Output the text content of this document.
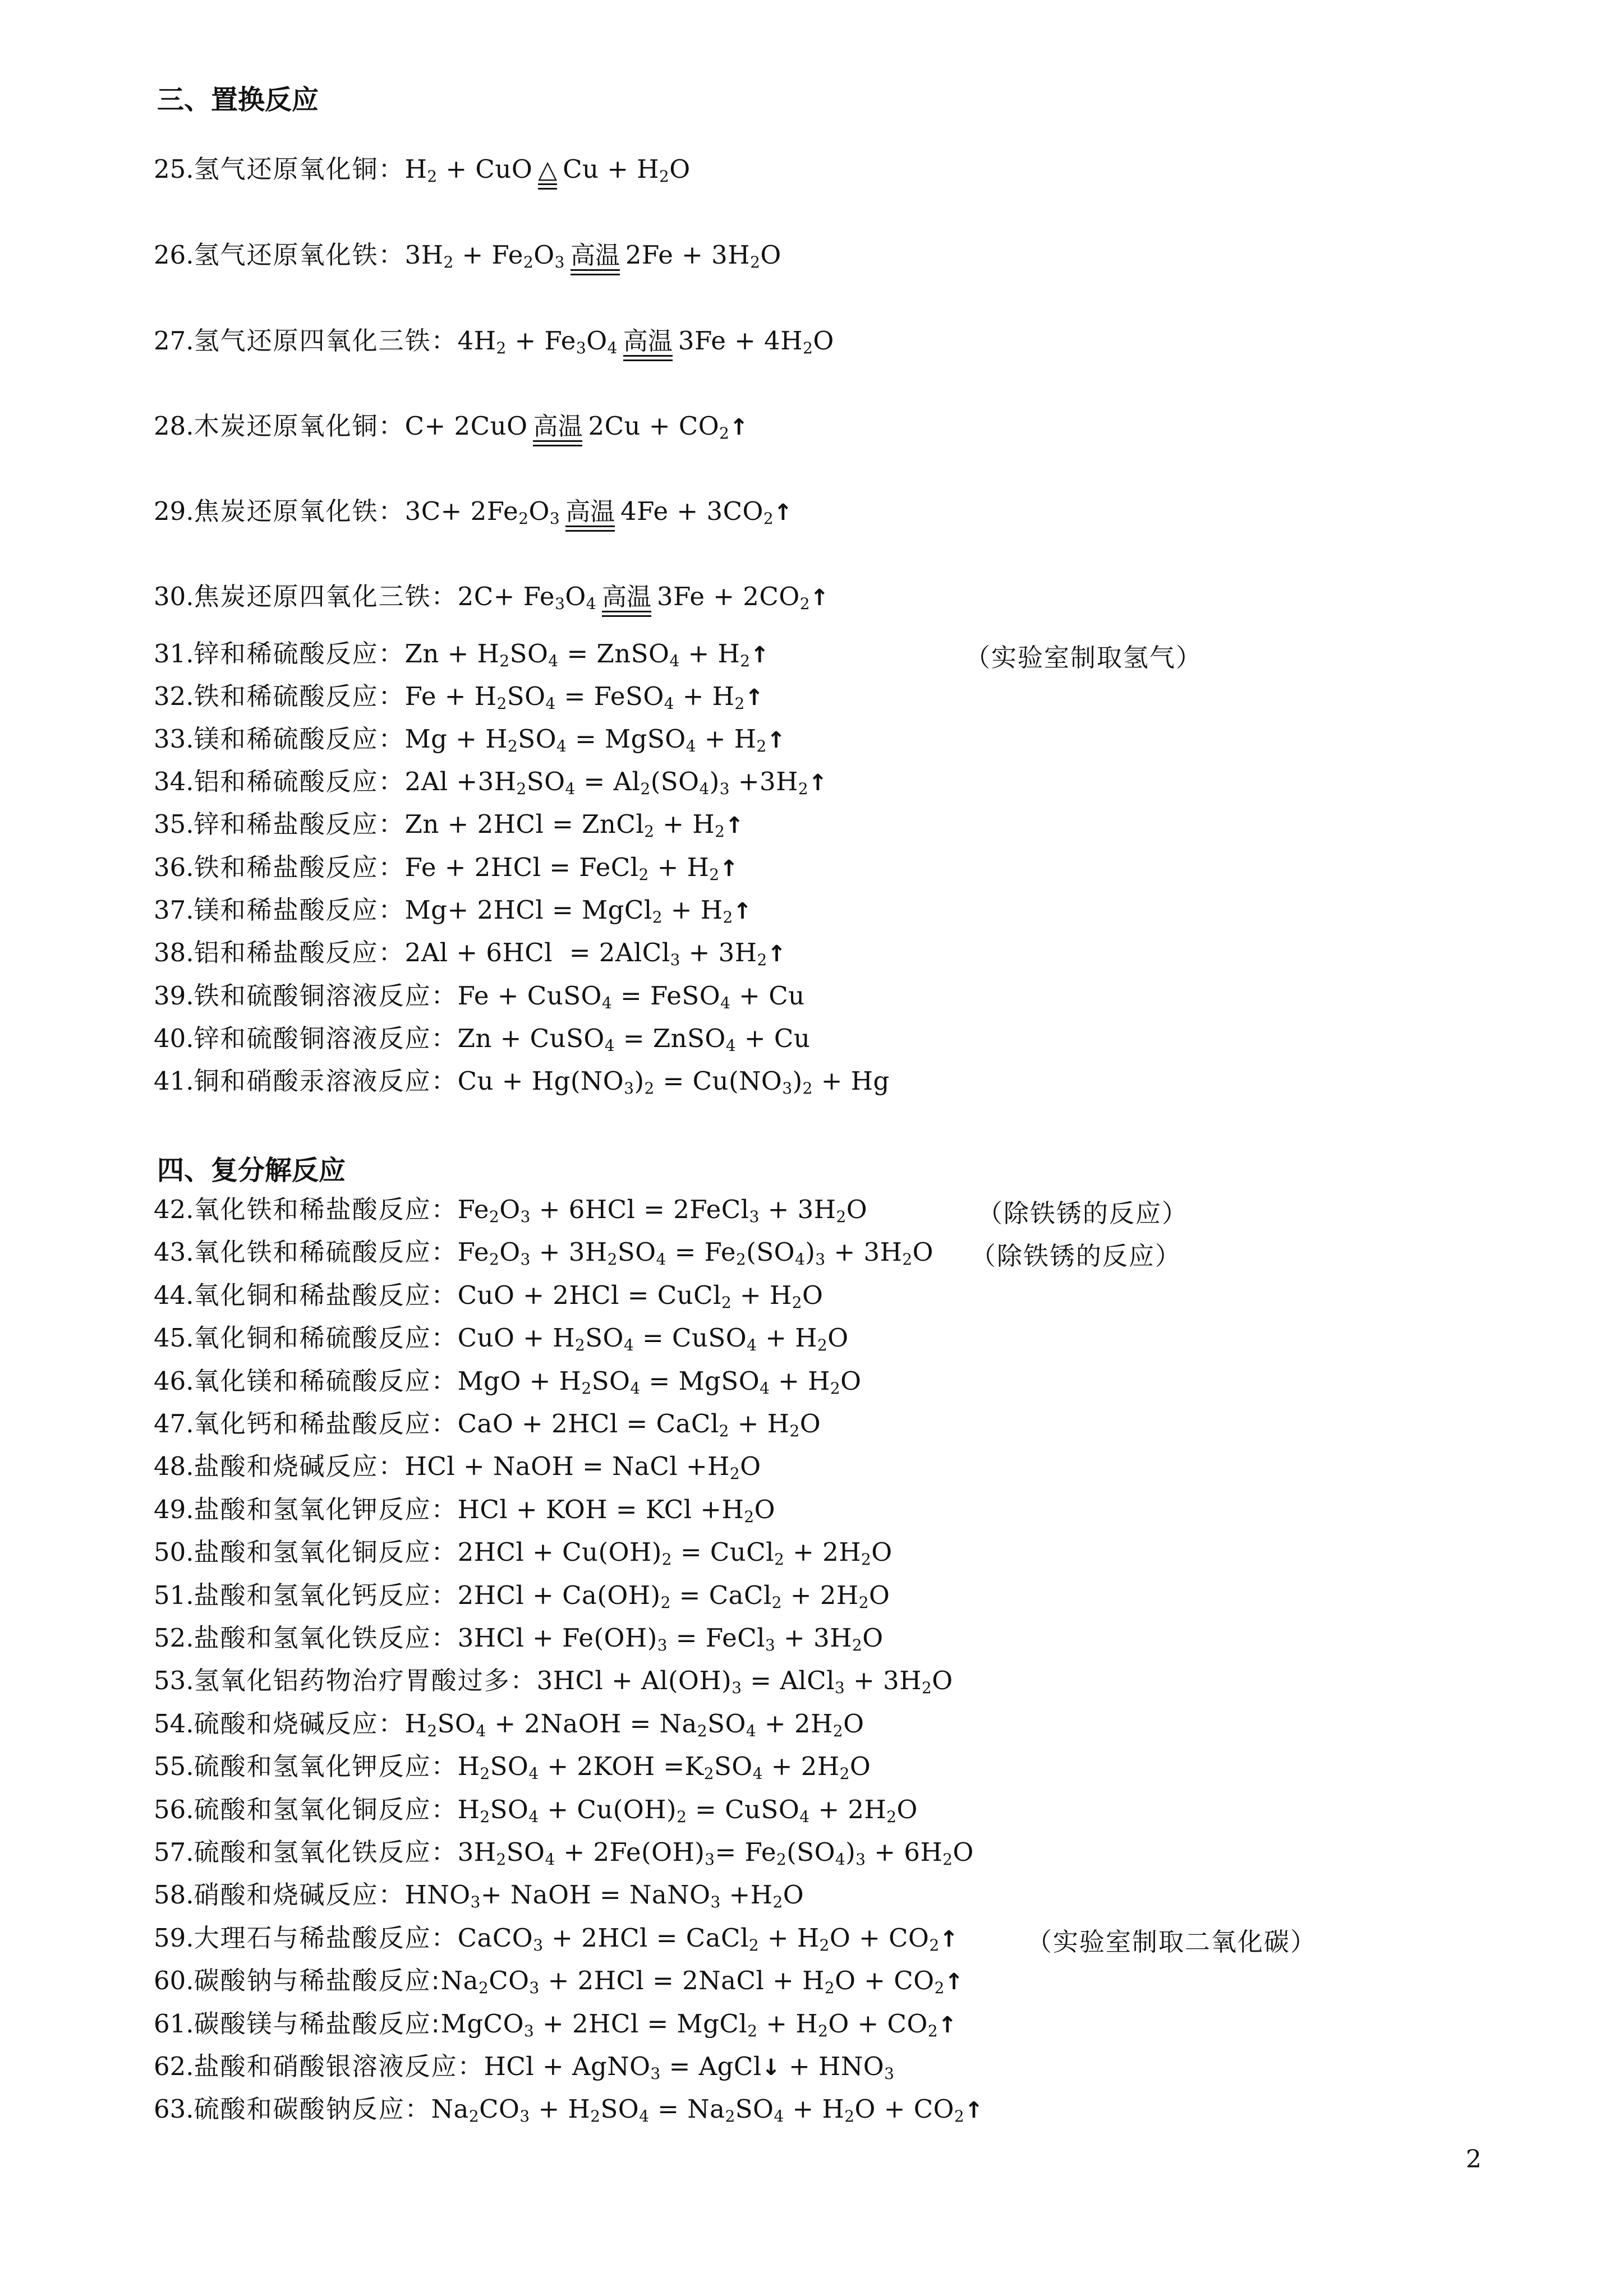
三、置换反应
25.氢气还原氧化铜：$H_2$ + CuO △ $Cu + H_2O$
26.氢气还原氧化铁：$3H_2 + Fe_2O_3$ 高温 $2Fe + 3H_2O$
27.氢气还原四氧化三铁：$4H_2 + Fe_3O_4$ 高温 $3Fe + 4H_2O$
28.木炭还原氧化铜：C+ 2CuO 高温 $2Cu + CO_2↑$
29.焦炭还原氧化铁：$3C+ 2Fe_2O_3$ 高温 $4Fe + 3CO_2↑$
30.焦炭还原四氧化三铁：$2C+ Fe_3O_4$ 高温 $3Fe + 2CO_2↑$
31.锌和稀硫酸反应：$Zn + H_2SO_4$ = ZnSO$_4$ + $H_2↑$	（实验室制取氢气）
32.铁和稀硫酸反应：$Fe + H_2SO_4$ = FeSO$_4$ + $H_2↑$
33.镁和稀硫酸反应：$Mg + H_2SO_4$ = MgSO$_4$ + $H_2↑$
34.铝和稀硫酸反应：$2Al +3H_2SO_4 = Al_2(SO_4)_3$ $+3H_2↑$
35.锌和稀盐酸反应：Zn + 2HCl = ZnCl$_2$ + $H_2↑$
36.铁和稀盐酸反应：Fe + 2HCl = FeCl$_2$ + $H_2↑$
37.镁和稀盐酸反应：Mg+ 2HCl = MgCl$_2$ + $H_2↑$
38.铝和稀盐酸反应：2Al + 6HCl  = 2AlCl$_3$ + $3H_2↑$
39.铁和硫酸铜溶液反应：Fe + CuSO$_4$ = FeSO$_4$ + Cu
40.锌和硫酸铜溶液反应：Zn + CuSO$_4$ = ZnSO$_4$ + Cu
41.铜和硝酸汞溶液反应：$Cu + Hg(NO_3)_2 = Cu(NO_3)_2 + Hg$
四、复分解反应
42.氧化铁和稀盐酸反应：$Fe_2O_3 + 6HCl$ = 2FeCl$_3$ + $3H_2O$	（除铁锈的反应）
43.氧化铁和稀硫酸反应：$Fe_2O_3 + 3H_2SO_4 = Fe_2(SO_4)_3 + 3H_2O$ （除铁锈的反应）
44.氧化铜和稀盐酸反应：CuO + 2HCl = CuCl$_2$ + $H_2O$
45.氧化铜和稀硫酸反应：CuO + $H_2SO_4$ = CuSO$_4$ + $H_2O$
46.氧化镁和稀硫酸反应：MgO + $H_2SO_4$ = MgSO$_4$ + $H_2O$
47.氧化钙和稀盐酸反应：CaO + 2HCl = CaCl$_2$ + $H_2O$
48.盐酸和烧碱反应：HCl + NaOH = NaCl $+H_2O$
49.盐酸和氢氧化钾反应：HCl + KOH = KCl $+H_2O$
50.盐酸和氢氧化铜反应：$2HCl + Cu(OH)_2$ = CuCl$_2$ + $2H_2O$
51.盐酸和氢氧化钙反应：$2HCl + Ca(OH)_2$ = CaCl$_2$ + $2H_2O$
52.盐酸和氢氧化铁反应：$3HCl + Fe(OH)_3$ = FeCl$_3$ + $3H_2O$
53.氢氧化铝药物治疗胃酸过多：$3HCl + Al(OH)_3$ = AlCl$_3$ + $3H_2O$
54.硫酸和烧碱反应：$H_2SO_4$ + 2NaOH = $Na_2SO_4 + 2H_2O$
55.硫酸和氢氧化钾反应：$H_2SO_4 + 2KOH =K_2SO_4 + 2H_2O$
56.硫酸和氢氧化铜反应：$H_2SO_4 + Cu(OH)_2$ = CuSO$_4$ + $2H_2O$
57.硫酸和氢氧化铁反应：$3H_2SO_4 + 2Fe(OH)_3= Fe_2(SO_4)_3 + 6H_2O$
58.硝酸和烧碱反应：$HNO_3+$ NaOH = NaNO$_3$ $+H_2O$
59.大理石与稀盐酸反应：CaCO$_3$ + 2HCl = CaCl$_2$ + $H_2O$ + $CO_2↑$	（实验室制取二氧化碳）
60.碳酸钠与稀盐酸反应$:Na_2CO_3 + 2HCl$ = 2NaCl + $H_2O$ + $CO_2↑$
61.碳酸镁与稀盐酸反应:MgCO$_3$ + 2HCl = MgCl$_2$ + $H_2O$ + $CO_2↑$
62.盐酸和硝酸银溶液反应：HCl + AgNO$_3$ = AgCl↓ + $HNO_3$
63.硫酸和碳酸钠反应：$Na_2CO_3 + H_2SO_4 = Na_2SO_4 + H_2O$ + $CO_2↑$
2
